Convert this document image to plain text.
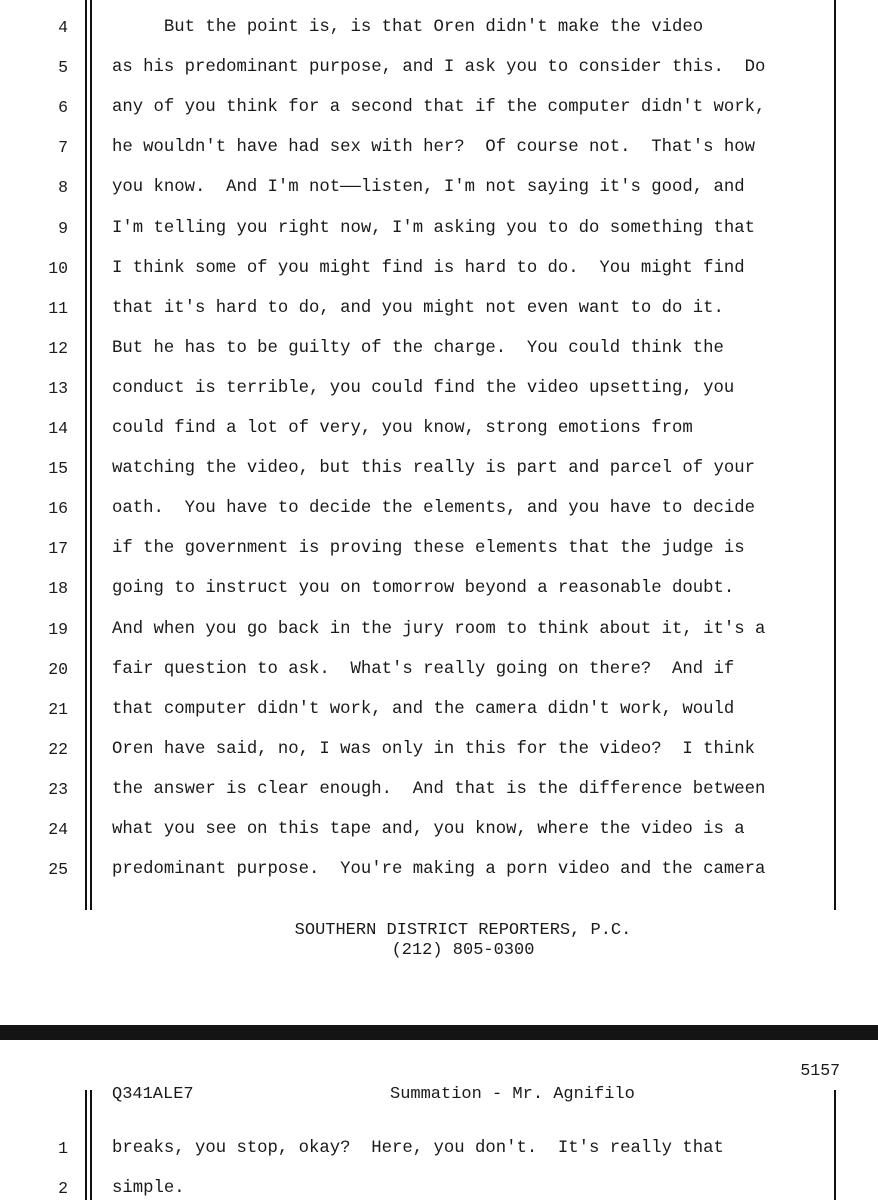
4	But the point is, is that Oren didn't make the video
5	as his predominant purpose, and I ask you to consider this.  Do
6	any of you think for a second that if the computer didn't work,
7	he wouldn't have had sex with her?  Of course not.  That's how
8	you know.  And I'm not——listen, I'm not saying it's good, and
9	I'm telling you right now, I'm asking you to do something that
10	I think some of you might find is hard to do.  You might find
11	that it's hard to do, and you might not even want to do it.
12	But he has to be guilty of the charge.  You could think the
13	conduct is terrible, you could find the video upsetting, you
14	could find a lot of very, you know, strong emotions from
15	watching the video, but this really is part and parcel of your
16	oath.  You have to decide the elements, and you have to decide
17	if the government is proving these elements that the judge is
18	going to instruct you on tomorrow beyond a reasonable doubt.
19	And when you go back in the jury room to think about it, it's a
20	fair question to ask.  What's really going on there?  And if
21	that computer didn't work, and the camera didn't work, would
22	Oren have said, no, I was only in this for the video?  I think
23	the answer is clear enough.  And that is the difference between
24	what you see on this tape and, you know, where the video is a
25	predominant purpose.  You're making a porn video and the camera
SOUTHERN DISTRICT REPORTERS, P.C.
(212) 805-0300
5157
Q341ALE7	Summation - Mr. Agnifilo
1	breaks, you stop, okay?  Here, you don't.  It's really that
2	simple.
